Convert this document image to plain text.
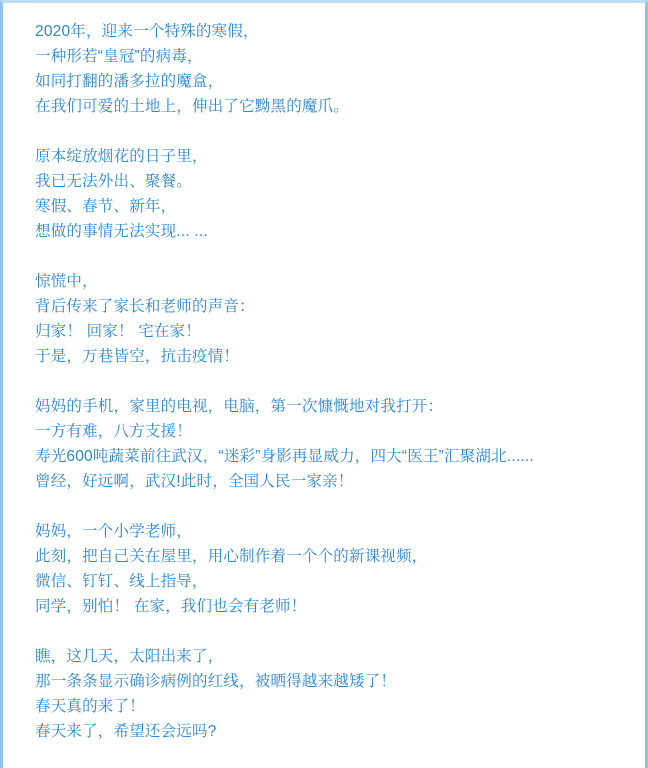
2020年，迎来一个特殊的寒假，
一种形若“皇冠”的病毒，
如同打翻的潘多拉的魔盒，
在我们可爱的土地上，伸出了它黝黑的魔爪。
原本绽放烟花的日子里，
我已无法外出、聚餐。
寒假、春节、新年，
想做的事情无法实现... ...
惊慌中，
背后传来了家长和老师的声音：
归家！ 回家！ 宅在家！
于是，万巷皆空，抗击疫情！
妈妈的手机，家里的电视，电脑，第一次慷慨地对我打开：
一方有难，八方支援！
寿光600吨蔬菜前往武汉，“迷彩”身影再显威力，四大“医王”汇聚湖北......
曾经，好远啊，武汉!此时，全国人民一家亲！
妈妈，一个小学老师，
此刻，把自己关在屋里，用心制作着一个个的新课视频，
微信、钉钉、线上指导，
同学，别怕！ 在家，我们也会有老师！
瞧，这几天，太阳出来了，
那一条条显示确诊病例的红线，被晒得越来越矮了！
春天真的来了！
春天来了，希望还会远吗?
